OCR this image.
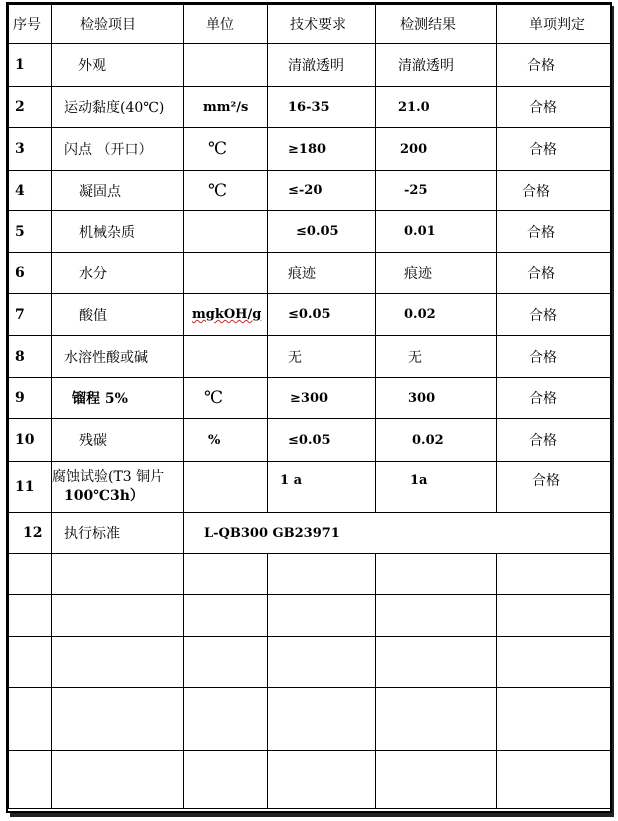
序号	检验项目	单位	技术要求	检测结果	单项判定

1	外观		清澈透明	清澈透明	合格

2	运动黏度(40℃)	mm²/s	16-35	21.0	合格

3	闪点 （开口）	℃	≥180	200	合格

4	凝固点	℃	≤-20	-25	合格

5	机械杂质		≤0.05	0.01	合格

6	水分		痕迹	痕迹	合格

7	酸值	mgkOH/g	≤0.05	0.02	合格

8	水溶性酸或碱		无	无	合格

9	镏程 5%	℃	≥300	300	合格

10	残碳	%	≤0.05	0.02	合格

11	腐蚀试验(T3 铜片
100℃3h）		1 a	1a	合格

12	执行标准	L-QB300 GB23971			
